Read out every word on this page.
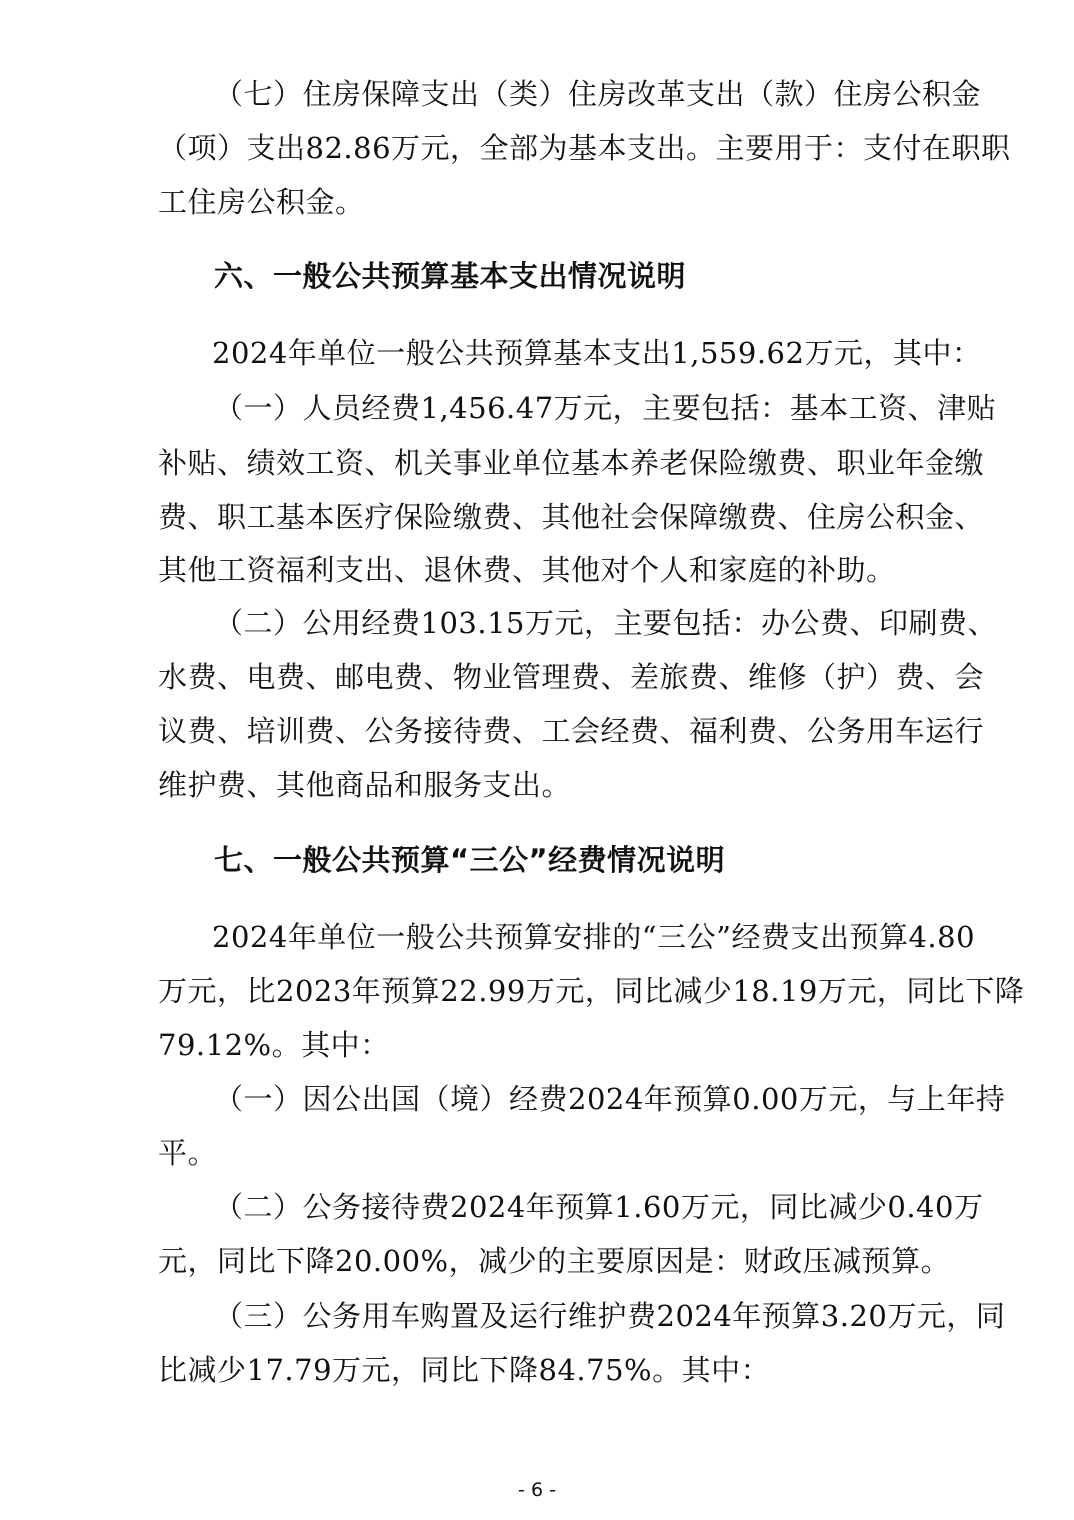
（七）住房保障支出（类）住房改革支出（款）住房公积金
（项）支出82.86万元，全部为基本支出。主要用于：支付在职职
工住房公积金。
六、一般公共预算基本支出情况说明
2024年单位一般公共预算基本支出1,559.62万元，其中：
（一）人员经费1,456.47万元，主要包括：基本工资、津贴
补贴、绩效工资、机关事业单位基本养老保险缴费、职业年金缴
费、职工基本医疗保险缴费、其他社会保障缴费、住房公积金、
其他工资福利支出、退休费、其他对个人和家庭的补助。
（二）公用经费103.15万元，主要包括：办公费、印刷费、
水费、电费、邮电费、物业管理费、差旅费、维修（护）费、会
议费、培训费、公务接待费、工会经费、福利费、公务用车运行
维护费、其他商品和服务支出。
七、一般公共预算“三公”经费情况说明
2024年单位一般公共预算安排的“三公”经费支出预算4.80
万元，比2023年预算22.99万元，同比减少18.19万元，同比下降
79.12%。其中：
（一）因公出国（境）经费2024年预算0.00万元，与上年持
平。
（二）公务接待费2024年预算1.60万元，同比减少0.40万
元，同比下降20.00%，减少的主要原因是：财政压减预算。
（三）公务用车购置及运行维护费2024年预算3.20万元，同
比减少17.79万元，同比下降84.75%。其中：
- 6 -
